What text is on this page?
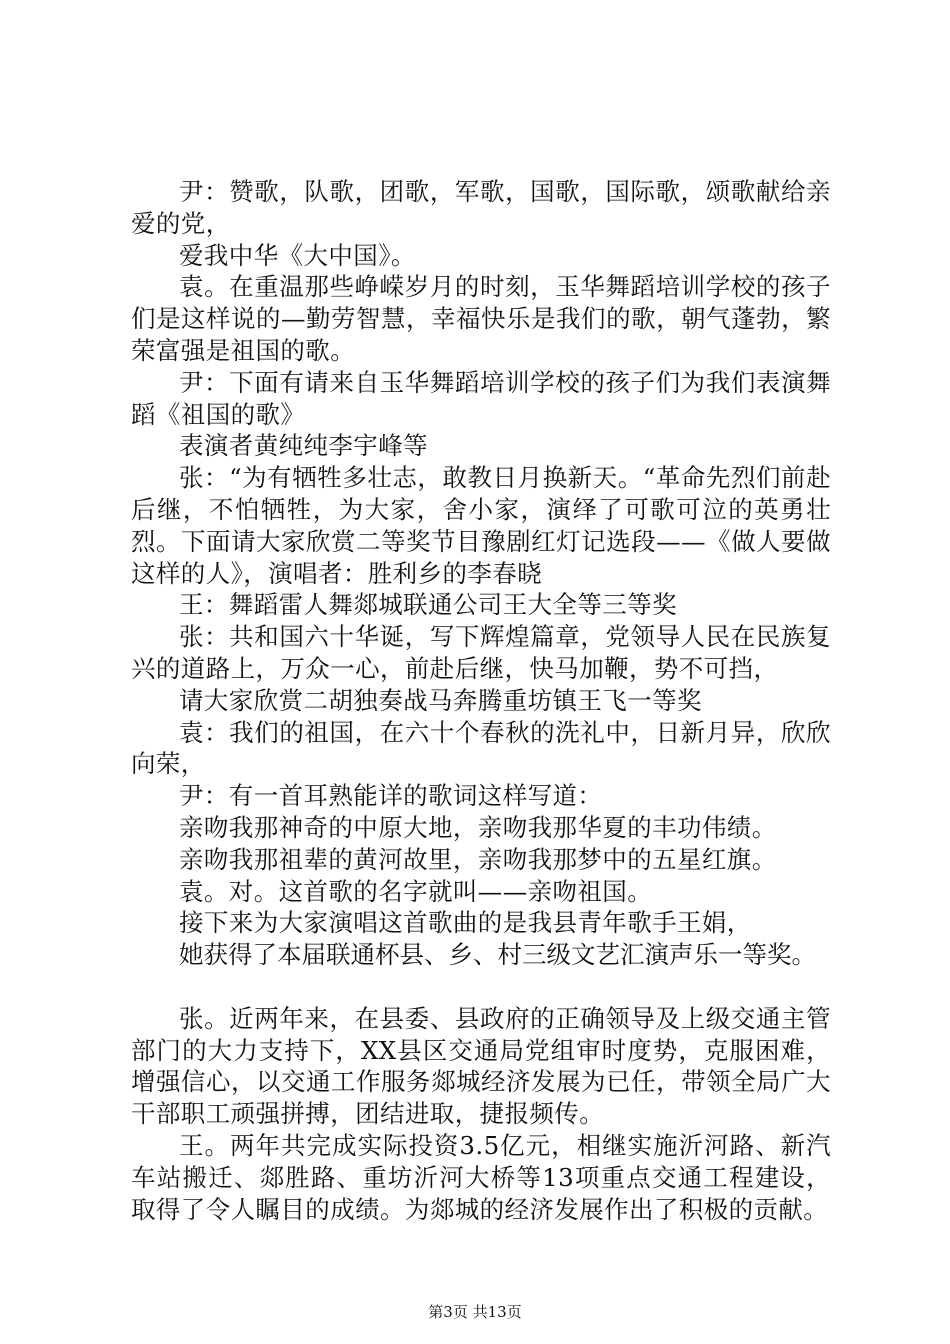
尹：赞歌，队歌，团歌，军歌，国歌，国际歌，颂歌献给亲爱的党，

爱我中华《大中国》。

袁。在重温那些峥嵘岁月的时刻，玉华舞蹈培训学校的孩子们是这样说的—勤劳智慧，幸福快乐是我们的歌，朝气蓬勃，繁荣富强是祖国的歌。

尹：下面有请来自玉华舞蹈培训学校的孩子们为我们表演舞蹈《祖国的歌》

表演者黄纯纯李宇峰等

张：“为有牺牲多壮志，敢教日月换新天。“革命先烈们前赴后继，不怕牺牲，为大家，舍小家，演绎了可歌可泣的英勇壮烈。下面请大家欣赏二等奖节目豫剧红灯记选段——《做人要做这样的人》，演唱者：胜利乡的李春晓

王：舞蹈雷人舞郯城联通公司王大全等三等奖

张：共和国六十华诞，写下辉煌篇章，党领导人民在民族复兴的道路上，万众一心，前赴后继，快马加鞭，势不可挡，

请大家欣赏二胡独奏战马奔腾重坊镇王飞一等奖

袁：我们的祖国，在六十个春秋的洗礼中，日新月异，欣欣向荣，

尹：有一首耳熟能详的歌词这样写道：

亲吻我那神奇的中原大地，亲吻我那华夏的丰功伟绩。

亲吻我那祖辈的黄河故里，亲吻我那梦中的五星红旗。

袁。对。这首歌的名字就叫——亲吻祖国。

接下来为大家演唱这首歌曲的是我县青年歌手王娟，

她获得了本届联通杯县、乡、村三级文艺汇演声乐一等奖。

张。近两年来，在县委、县政府的正确领导及上级交通主管部门的大力支持下，XX县区交通局党组审时度势，克服困难，增强信心，以交通工作服务郯城经济发展为已任，带领全局广大干部职工顽强拼搏，团结进取，捷报频传。

王。两年共完成实际投资3.5亿元，相继实施沂河路、新汽车站搬迁、郯胜路、重坊沂河大桥等13项重点交通工程建设，取得了令人瞩目的成绩。为郯城的经济发展作出了积极的贡献。

第3页 共13页
